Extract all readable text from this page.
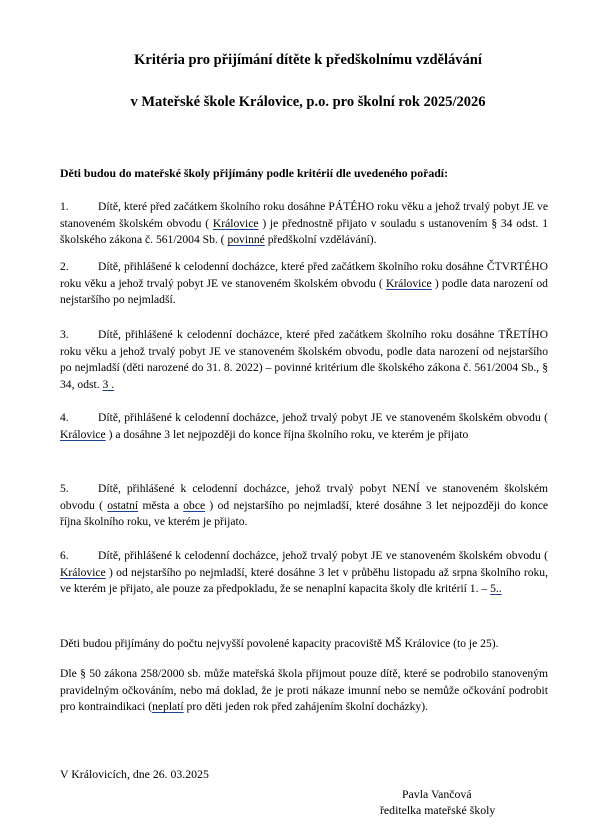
Kritéria pro přijímání dítěte k předškolnímu vzdělávání
v Mateřské škole Královice, p.o. pro školní rok 2025/2026
Děti budou do mateřské školy přijímány podle kritérií dle uvedeného pořadí:
1.	Dítě, které před začátkem školního roku dosáhne PÁTÉHO roku věku a jehož trvalý pobyt JE ve stanoveném školském obvodu ( Královice ) je přednostně přijato v souladu s ustanovením § 34 odst. 1 školského zákona č. 561/2004 Sb. ( povinné předškolní vzdělávání).
2.	Dítě, přihlášené k celodenní docházce, které před začátkem školního roku dosáhne ČTVRTÉHO roku věku a jehož trvalý pobyt JE ve stanoveném školském obvodu ( Královice ) podle data narození od nejstaršího po nejmladší.
3.	Dítě, přihlášené k celodenní docházce, které před začátkem školního roku dosáhne TŘETÍHO roku věku a jehož trvalý pobyt JE ve stanoveném školském obvodu, podle data narození od nejstaršího po nejmladší (děti narozené do 31. 8. 2022) – povinné kritérium dle školského zákona č. 561/2004 Sb., § 34, odst. 3 .
4.	Dítě, přihlášené k celodenní docházce, jehož trvalý pobyt JE ve stanoveném školském obvodu ( Královice ) a dosáhne 3 let nejpozději do konce října školního roku, ve kterém je přijato
5.	Dítě, přihlášené k celodenní docházce, jehož trvalý pobyt NENÍ ve stanoveném školském obvodu ( ostatní města a obce ) od nejstaršího po nejmladší, které dosáhne 3 let nejpozději do konce října školního roku, ve kterém je přijato.
6.	Dítě, přihlášené k celodenní docházce, jehož trvalý pobyt JE ve stanoveném školském obvodu ( Královice ) od nejstaršího po nejmladší, které dosáhne 3 let v průběhu listopadu až srpna školního roku, ve kterém je přijato, ale pouze za předpokladu, že se nenaplní kapacita školy dle kritérií 1. – 5..
Děti budou přijímány do počtu nejvyšší povolené kapacity pracoviště MŠ Královice (to je 25).
Dle § 50 zákona 258/2000 sb. může mateřská škola přijmout pouze dítě, které se podrobilo stanoveným pravidelným očkováním, nebo má doklad, že je proti nákaze imunní nebo se nemůže očkování podrobit pro kontraindikaci (neplatí pro děti jeden rok před zahájením školní docházky).
V Královicích, dne 26. 03.2025
Pavla Vančová
ředitelka mateřské školy
